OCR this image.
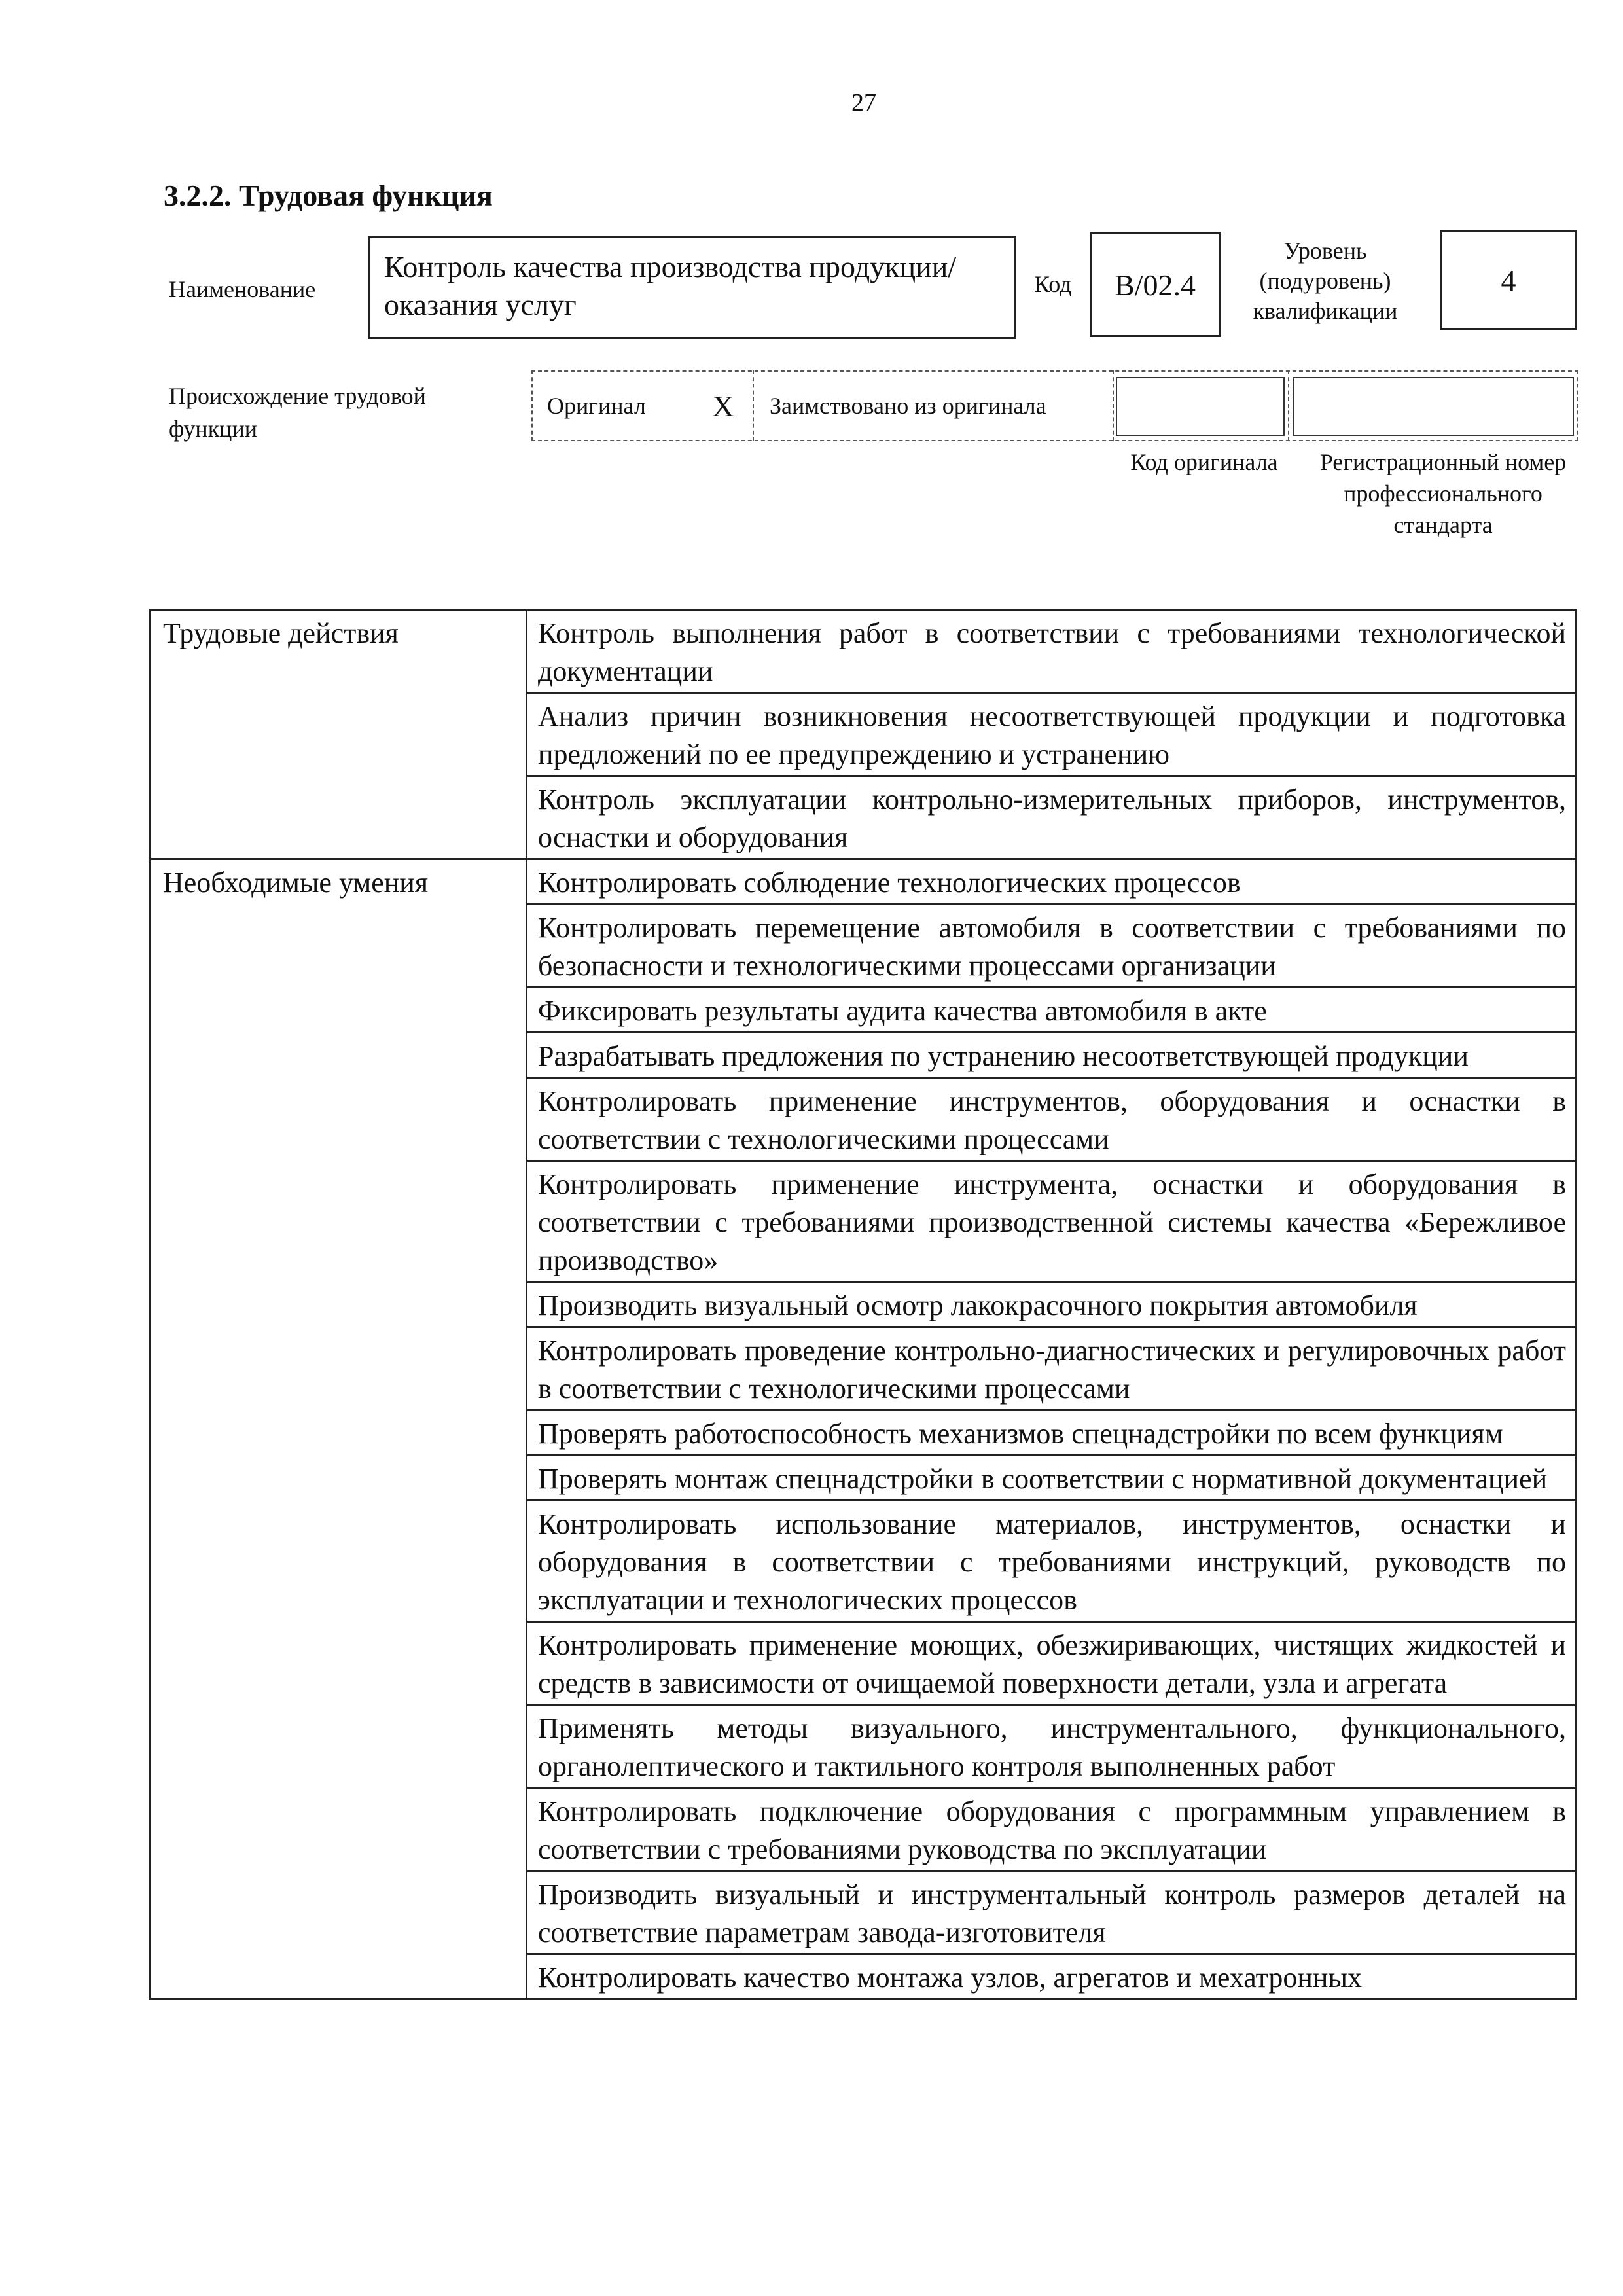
27
3.2.2. Трудовая функция
Наименование
Контроль качества производства продукции/оказания услуг
Код	B/02.4
Уровень (подуровень) квалификации
4
Происхождение трудовой функции
Оригинал	X	Заимствовано из оригинала
Код оригинала	Регистрационный номер профессионального стандарта
Трудовые действия	Контроль выполнения работ в соответствии с требованиями технологической документации
	Анализ причин возникновения несоответствующей продукции и подготовка предложений по ее предупреждению и устранению
	Контроль эксплуатации контрольно-измерительных приборов, инструментов, оснастки и оборудования
Необходимые умения	Контролировать соблюдение технологических процессов
	Контролировать перемещение автомобиля в соответствии с требованиями по безопасности и технологическими процессами организации
	Фиксировать результаты аудита качества автомобиля в акте
	Разрабатывать предложения по устранению несоответствующей продукции
	Контролировать применение инструментов, оборудования и оснастки в соответствии с технологическими процессами
	Контролировать применение инструмента, оснастки и оборудования в соответствии с требованиями производственной системы качества «Бережливое производство»
	Производить визуальный осмотр лакокрасочного покрытия автомобиля
	Контролировать проведение контрольно-диагностических и регулировочных работ в соответствии с технологическими процессами
	Проверять работоспособность механизмов спецнадстройки по всем функциям
	Проверять монтаж спецнадстройки в соответствии с нормативной документацией
	Контролировать использование материалов, инструментов, оснастки и оборудования в соответствии с требованиями инструкций, руководств по эксплуатации и технологических процессов
	Контролировать применение моющих, обезжиривающих, чистящих жидкостей и средств в зависимости от очищаемой поверхности детали, узла и агрегата
	Применять методы визуального, инструментального, функционального, органолептического и тактильного контроля выполненных работ
	Контролировать подключение оборудования с программным управлением в соответствии с требованиями руководства по эксплуатации
	Производить визуальный и инструментальный контроль размеров деталей на соответствие параметрам завода-изготовителя
	Контролировать качество монтажа узлов, агрегатов и мехатронных
